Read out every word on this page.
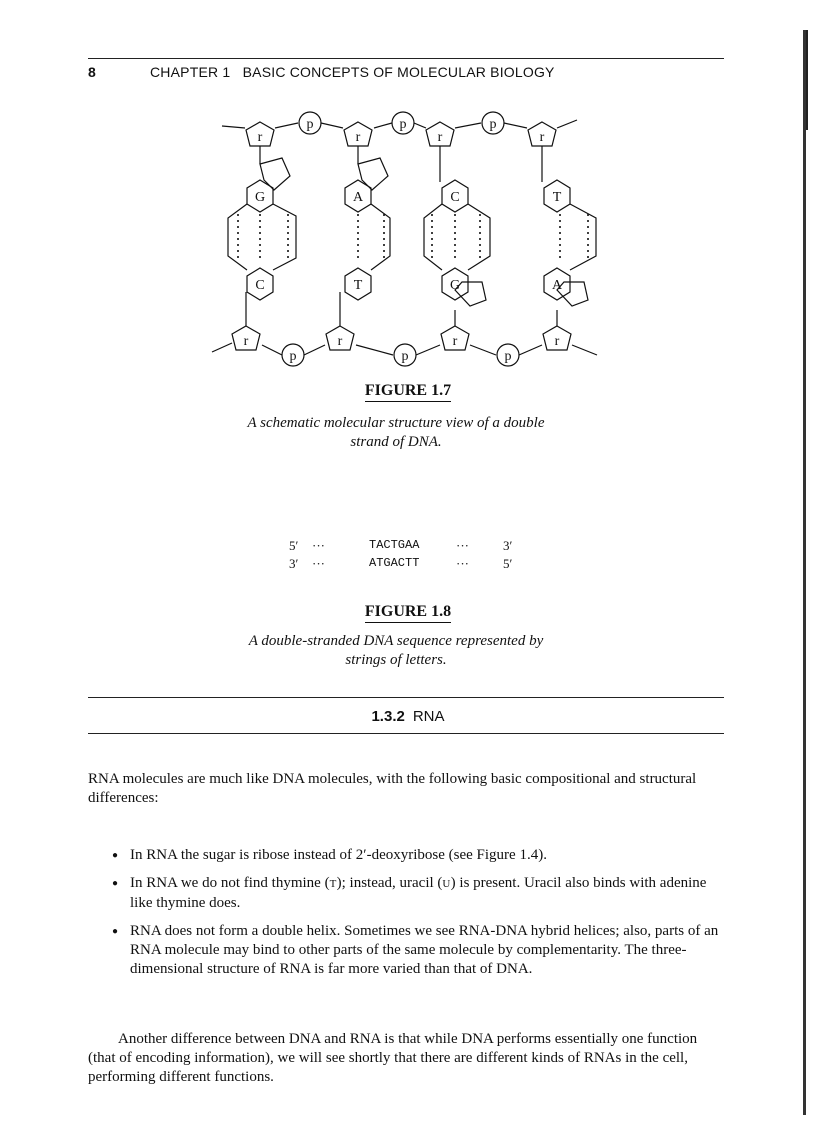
8	CHAPTER 1   BASIC CONCEPTS OF MOLECULAR BIOLOGY
p	p	p
p	p	p
r	r	r	r
r	r	r	r
G	A	C	T
C	T	G	A
FIGURE 1.7
A schematic molecular structure view of a double
strand of DNA.
5′ ···	TACTGAA	···	3′
3′ ···	ATGACTT	···	5′
FIGURE 1.8
A double-stranded DNA sequence represented by
strings of letters.
1.3.2 RNA
RNA molecules are much like DNA molecules, with the following basic compositional and structural differences:
● In RNA the sugar is ribose instead of 2′-deoxyribose (see Figure 1.4).
● In RNA we do not find thymine (T); instead, uracil (U) is present. Uracil also binds with adenine like thymine does.
● RNA does not form a double helix. Sometimes we see RNA-DNA hybrid helices; also, parts of an RNA molecule may bind to other parts of the same molecule by complementarity. The three-dimensional structure of RNA is far more varied than that of DNA.
Another difference between DNA and RNA is that while DNA performs essentially one function (that of encoding information), we will see shortly that there are different kinds of RNAs in the cell, performing different functions.
